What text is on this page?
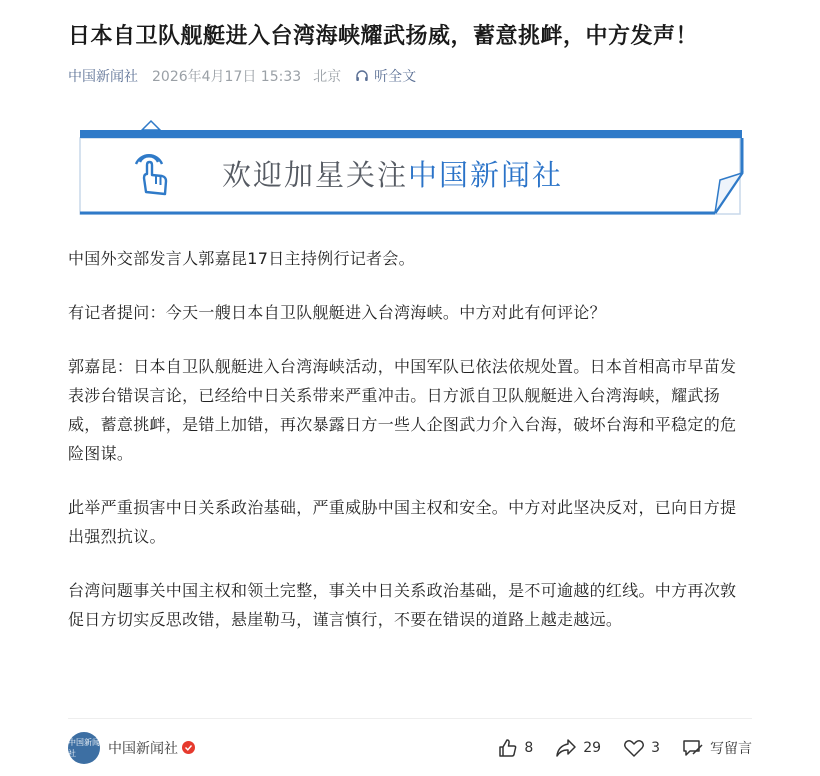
日本自卫队舰艇进入台湾海峡耀武扬威，蓄意挑衅，中方发声！
中国新闻社 2026年4月17日 15:33 北京 听全文
欢迎加星关注中国新闻社

中国外交部发言人郭嘉昆17日主持例行记者会。

有记者提问：今天一艘日本自卫队舰艇进入台湾海峡。中方对此有何评论？

郭嘉昆：日本自卫队舰艇进入台湾海峡活动，中国军队已依法依规处置。日本首相高市早苗发表涉台错误言论，已经给中日关系带来严重冲击。日方派自卫队舰艇进入台湾海峡，耀武扬威，蓄意挑衅，是错上加错，再次暴露日方一些人企图武力介入台海，破坏台海和平稳定的危险图谋。

此举严重损害中日关系政治基础，严重威胁中国主权和安全。中方对此坚决反对，已向日方提出强烈抗议。

台湾问题事关中国主权和领土完整，事关中日关系政治基础，是不可逾越的红线。中方再次敦促日方切实反思改错，悬崖勒马，谨言慎行，不要在错误的道路上越走越远。

中国新闻社	中国新闻社	8	29	3	写留言
